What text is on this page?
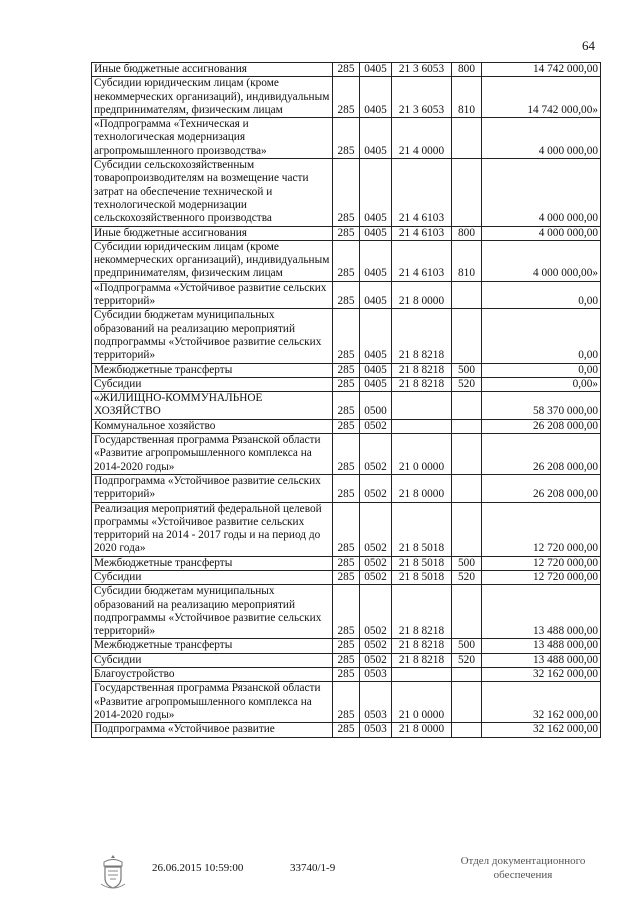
64
Иные бюджетные ассигнования	285	0405	21 3 6053	800	14 742 000,00
Субсидии юридическим лицам (кроме некоммерческих организаций), индивидуальным предпринимателям, физическим лицам	285	0405	21 3 6053	810	14 742 000,00»
«Подпрограмма «Техническая и технологическая модернизация агропромышленного производства»	285	0405	21 4 0000		4 000 000,00
Субсидии сельскохозяйственным товаропроизводителям на возмещение части затрат на обеспечение технической и технологической модернизации сельскохозяйственного производства	285	0405	21 4 6103		4 000 000,00
Иные бюджетные ассигнования	285	0405	21 4 6103	800	4 000 000,00
Субсидии юридическим лицам (кроме некоммерческих организаций), индивидуальным предпринимателям, физическим лицам	285	0405	21 4 6103	810	4 000 000,00»
«Подпрограмма «Устойчивое развитие сельских территорий»	285	0405	21 8 0000		0,00
Субсидии бюджетам муниципальных образований на реализацию мероприятий подпрограммы «Устойчивое развитие сельских территорий»	285	0405	21 8 8218		0,00
Межбюджетные трансферты	285	0405	21 8 8218	500	0,00
Субсидии	285	0405	21 8 8218	520	0,00»
«ЖИЛИЩНО-КОММУНАЛЬНОЕ ХОЗЯЙСТВО	285	0500			58 370 000,00
Коммунальное хозяйство	285	0502			26 208 000,00
Государственная программа Рязанской области «Развитие агропромышленного комплекса на 2014-2020 годы»	285	0502	21 0 0000		26 208 000,00
Подпрограмма «Устойчивое развитие сельских территорий»	285	0502	21 8 0000		26 208 000,00
Реализация мероприятий федеральной целевой программы «Устойчивое развитие сельских территорий на 2014 - 2017 годы и на период до 2020 года»	285	0502	21 8 5018		12 720 000,00
Межбюджетные трансферты	285	0502	21 8 5018	500	12 720 000,00
Субсидии	285	0502	21 8 5018	520	12 720 000,00
Субсидии бюджетам муниципальных образований на реализацию мероприятий подпрограммы «Устойчивое развитие сельских территорий»	285	0502	21 8 8218		13 488 000,00
Межбюджетные трансферты	285	0502	21 8 8218	500	13 488 000,00
Субсидии	285	0502	21 8 8218	520	13 488 000,00
Благоустройство	285	0503			32 162 000,00
Государственная программа Рязанской области «Развитие агропромышленного комплекса на 2014-2020 годы»	285	0503	21 0 0000		32 162 000,00
Подпрограмма «Устойчивое развитие	285	0503	21 8 0000		32 162 000,00
26.06.2015 10:59:00	33740/1-9
Отдел документационного
обеспечения
